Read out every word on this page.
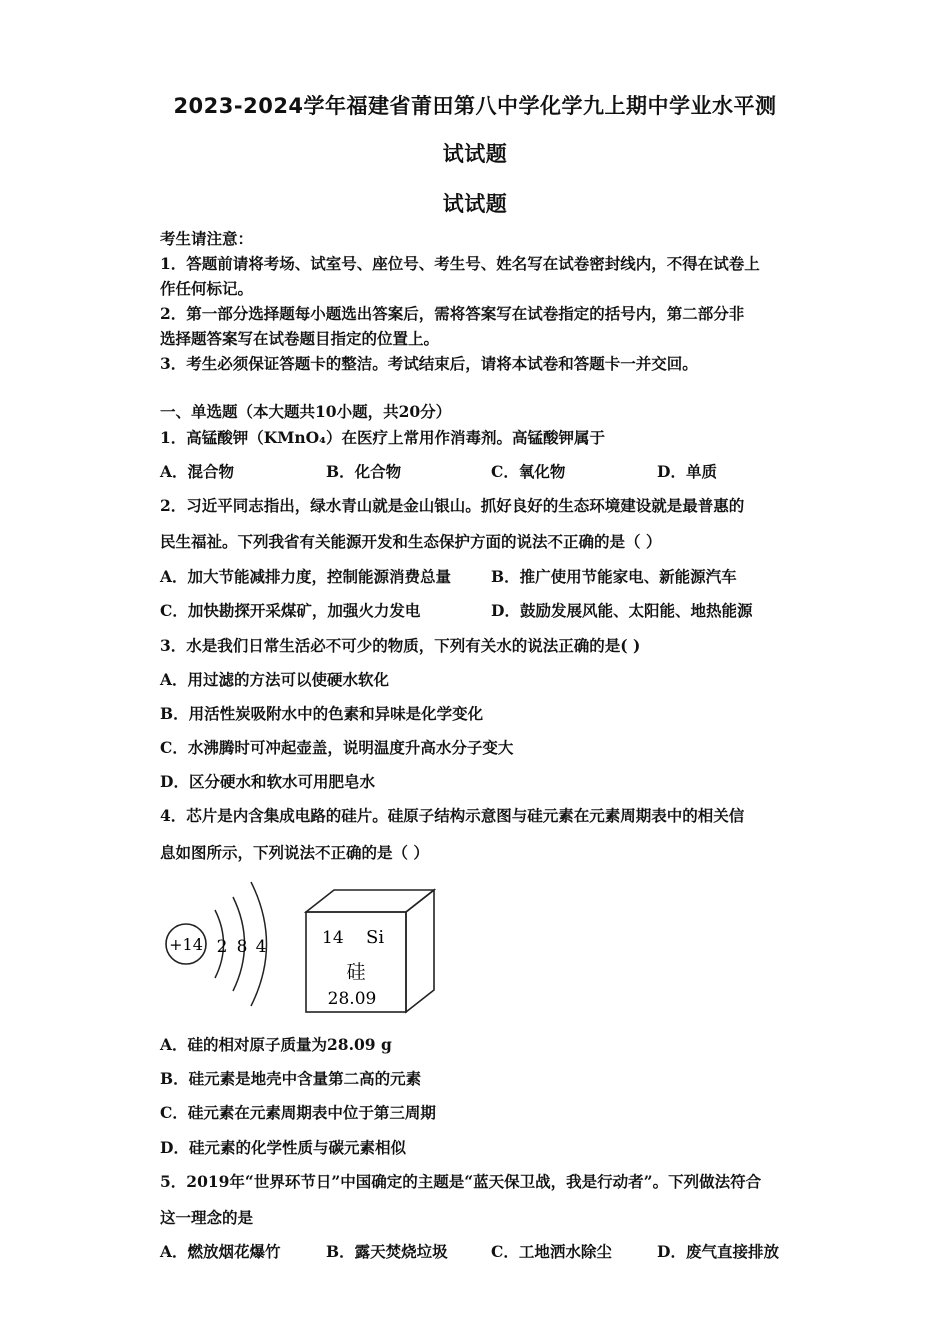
2023-2024学年福建省莆田第八中学化学九上期中学业水平测
试试题
试试题
考生请注意：
1．答题前请将考场、试室号、座位号、考生号、姓名写在试卷密封线内，不得在试卷上
作任何标记。
2．第一部分选择题每小题选出答案后，需将答案写在试卷指定的括号内，第二部分非
选择题答案写在试卷题目指定的位置上。
3．考生必须保证答题卡的整洁。考试结束后，请将本试卷和答题卡一并交回。
一、单选题（本大题共10小题，共20分）
1．高锰酸钾（KMnO₄）在医疗上常用作消毒剂。高锰酸钾属于
A．混合物	B．化合物	C．氧化物	D．单质
2．习近平同志指出，绿水青山就是金山银山。抓好良好的生态环境建设就是最普惠的
民生福祉。下列我省有关能源开发和生态保护方面的说法不正确的是（ ）
A．加大节能减排力度，控制能源消费总量	B．推广使用节能家电、新能源汽车
C．加快勘探开采煤矿，加强火力发电	D．鼓励发展风能、太阳能、地热能源
3．水是我们日常生活必不可少的物质，下列有关水的说法正确的是( )
A．用过滤的方法可以使硬水软化
B．用活性炭吸附水中的色素和异味是化学变化
C．水沸腾时可冲起壶盖，说明温度升高水分子变大
D．区分硬水和软水可用肥皂水
4．芯片是内含集成电路的硅片。硅原子结构示意图与硅元素在元素周期表中的相关信
息如图所示，下列说法不正确的是（ ）
+14 2 8 4	14 Si
硅
28.09
A．硅的相对原子质量为28.09 g
B．硅元素是地壳中含量第二高的元素
C．硅元素在元素周期表中位于第三周期
D．硅元素的化学性质与碳元素相似
5．2019年“世界环节日”中国确定的主题是“蓝天保卫战，我是行动者”。下列做法符合
这一理念的是
A．燃放烟花爆竹	B．露天焚烧垃圾	C．工地洒水除尘	D．废气直接排放
